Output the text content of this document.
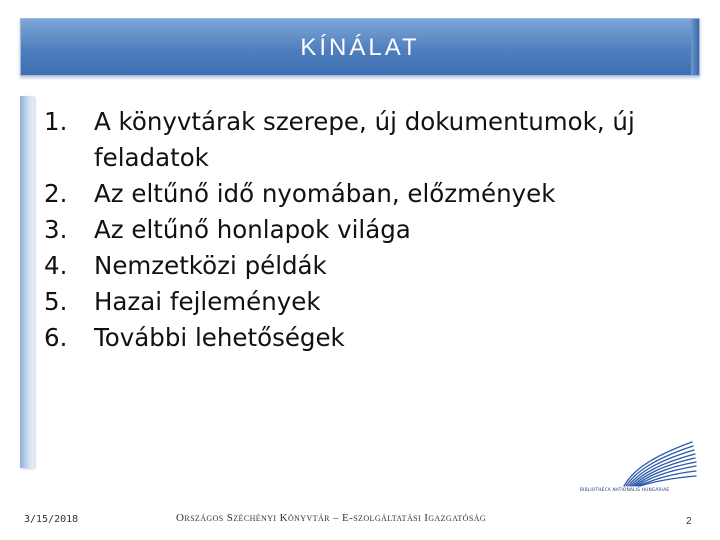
KÍNÁLAT
1. A könyvtárak szerepe, új dokumentumok, új feladatok
2. Az eltűnő idő nyomában, előzmények
3. Az eltűnő honlapok világa
4. Nemzetközi példák
5. Hazai fejlemények
6. További lehetőségek
BIBLIOTHECA NATIONALIS HUNGARIAE
3/15/2018	Országos Széchényi Könyvtár – E-szolgáltatási Igazgatóság	2
